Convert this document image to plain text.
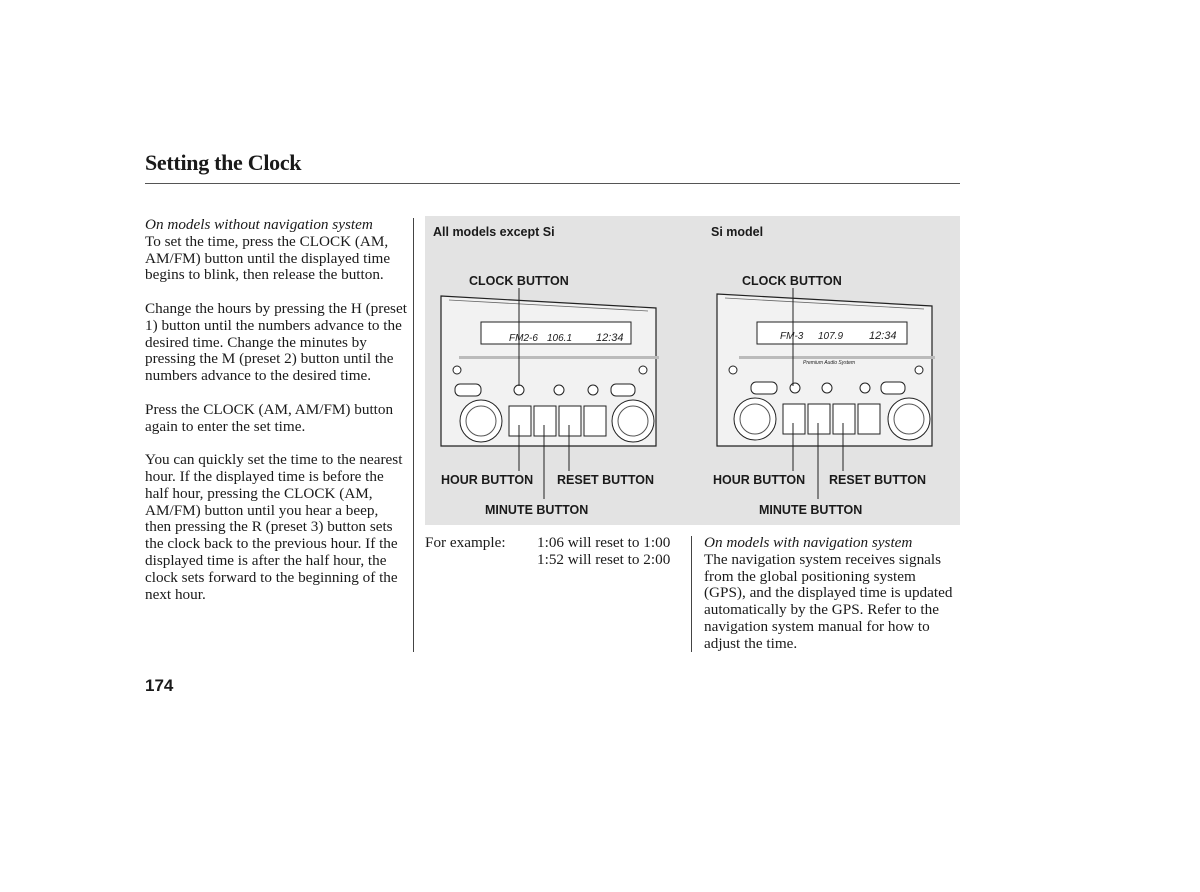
Setting the Clock

On models without navigation system

To set the time, press the CLOCK (AM, AM/FM) button until the displayed time begins to blink, then release the button.

Change the hours by pressing the H (preset 1) button until the numbers advance to the desired time. Change the minutes by pressing the M (preset 2) button until the numbers advance to the desired time.

Press the CLOCK (AM, AM/FM) button again to enter the set time.

You can quickly set the time to the nearest hour. If the displayed time is before the half hour, pressing the CLOCK (AM, AM/FM) button until you hear a beep, then pressing the R (preset 3) button sets the clock back to the previous hour. If the displayed time is after the half hour, the clock sets forward to the beginning of the next hour.

FM2-6 106.1 12:34	FM-3 107.9 12:34
Premium Audio System
All models except Si	Si model
CLOCK BUTTON	CLOCK BUTTON
HOUR BUTTON RESET BUTTON
MINUTE BUTTON
HOUR BUTTON RESET BUTTON
MINUTE BUTTON
For example: 1:06 will reset to 1:00
1:52 will reset to 2:00

On models with navigation system

The navigation system receives signals from the global positioning system (GPS), and the displayed time is updated automatically by the GPS. Refer to the navigation system manual for how to adjust the time.

174
